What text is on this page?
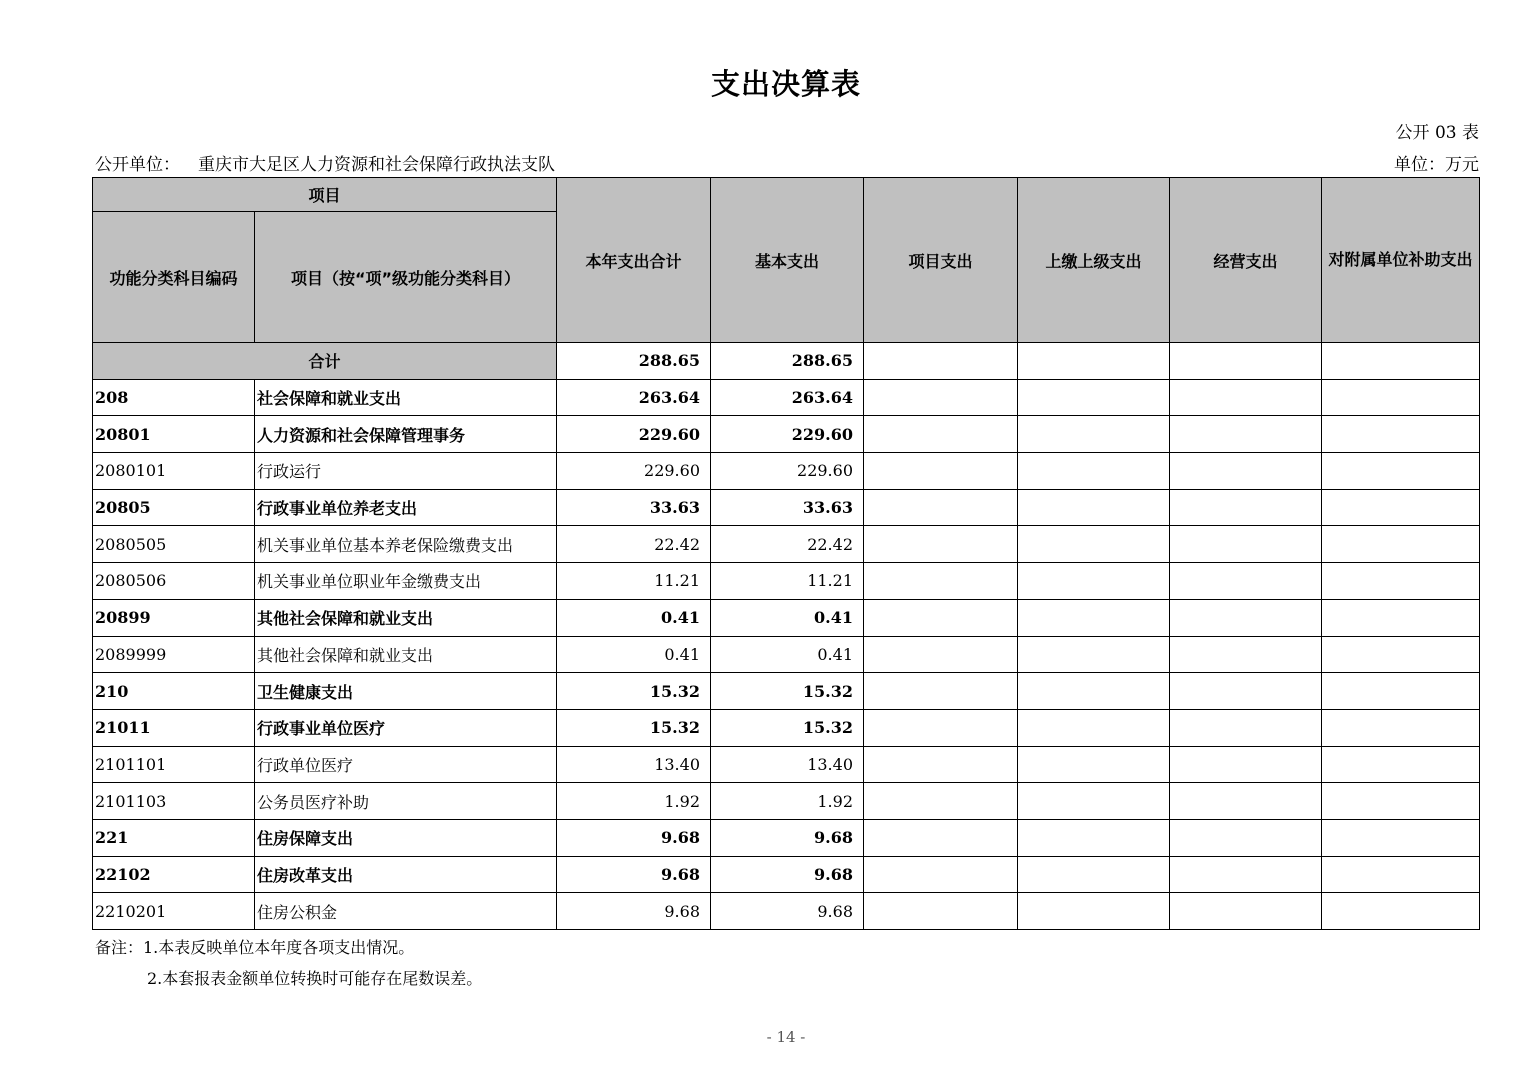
支出决算表
公开 03 表
公开单位： 重庆市大足区人力资源和社会保障行政执法支队	单位：万元
项目		本年支出合计	基本支出	项目支出	上缴上级支出	经营支出	对附属单位补助支出
功能分类科目编码	项目（按“项”级功能分类科目）						
合计		288.65	288.65				
208	社会保障和就业支出	263.64	263.64				
20801	人力资源和社会保障管理事务	229.60	229.60				
2080101	行政运行	229.60	229.60				
20805	行政事业单位养老支出	33.63	33.63				
2080505	机关事业单位基本养老保险缴费支出	22.42	22.42				
2080506	机关事业单位职业年金缴费支出	11.21	11.21				
20899	其他社会保障和就业支出	0.41	0.41				
2089999	其他社会保障和就业支出	0.41	0.41				
210	卫生健康支出	15.32	15.32				
21011	行政事业单位医疗	15.32	15.32				
2101101	行政单位医疗	13.40	13.40				
2101103	公务员医疗补助	1.92	1.92				
221	住房保障支出	9.68	9.68				
22102	住房改革支出	9.68	9.68				
2210201	住房公积金	9.68	9.68				
备注：1.本表反映单位本年度各项支出情况。
2.本套报表金额单位转换时可能存在尾数误差。
- 14 -
